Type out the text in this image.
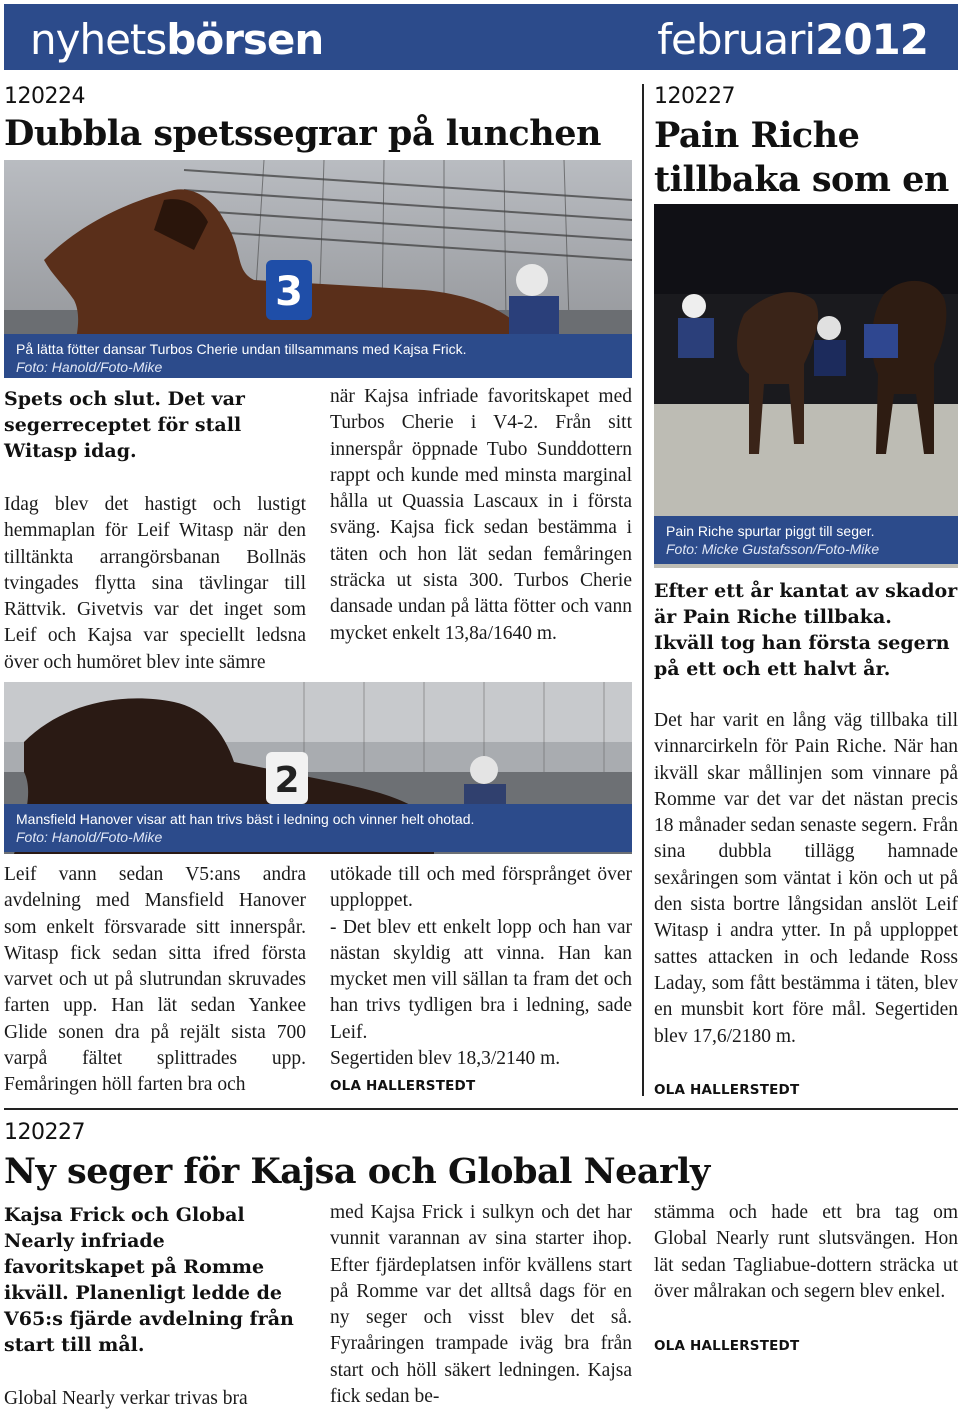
nyhetsbörsen	februari2012
120224
Dubbla spetssegrar på lunchen
3
På lätta fötter dansar Turbos Cherie undan tillsammans med Kajsa Frick.
Foto: Hanold/Foto-Mike
Spets och slut. Det var segerreceptet för stall Witasp idag.

Idag blev det hastigt och lustigt hemmaplan för Leif Witasp när den tilltänkta arrangörsbanan Bollnäs tvingades flytta sina tävlingar till Rättvik. Givetvis var det inget som Leif och Kajsa var speciellt ledsna över och humöret blev inte sämre

när Kajsa infriade favoritskapet med Turbos Cherie i V4-2. Från sitt innerspår öppnade Tubo Sunddottern rappt och kunde med minsta marginal hålla ut Quassia Lascaux in i första sväng. Kajsa fick sedan bestämma i täten och hon lät sedan femåringen sträcka ut sista 300. Turbos Cherie dansade undan på lätta fötter och vann mycket enkelt 13,8a/1640 m.

2
Mansfield Hanover visar att han trivs bäst i ledning och vinner helt ohotad.
Foto: Hanold/Foto-Mike

Leif vann sedan V5:ans andra avdelning med Mansfield Hanover som enkelt försvarade sitt innerspår. Witasp fick sedan sitta ifred första varvet och ut på slutrundan skruvades farten upp. Han lät sedan Yankee Glide sonen dra på rejält sista 700 varpå fältet splittrades upp. Femåringen höll farten bra och

utökade till och med försprånget över upploppet.

- Det blev ett enkelt lopp och han var nästan skyldig att vinna. Han kan mycket men vill sällan ta fram det och han trivs tydligen bra i ledning, sade Leif.

Segertiden blev 18,3/2140 m.

OLA HALLERSTEDT
120227
Pain Riche tillbaka som en
Pain Riche spurtar piggt till seger.
Foto: Micke Gustafsson/Foto-Mike
Efter ett år kantat av skador är Pain Riche tillbaka. Ikväll tog han första segern på ett och ett halvt år.

Det har varit en lång väg tillbaka till vinnarcirkeln för Pain Riche. När han ikväll skar mållinjen som vinnare på Romme var det var det nästan precis 18 månader sedan senaste segern. Från sina dubbla tillägg hamnade sexåringen som väntat i kön och ut på den sista bortre långsidan anslöt Leif Witasp i andra ytter. In på upploppet sattes attacken in och ledande Ross Laday, som fått bestämma i täten, blev en munsbit kort före mål. Segertiden blev 17,6/2180 m.

OLA HALLERSTEDT
120227
Ny seger för Kajsa och Global Nearly
Kajsa Frick och Global Nearly infriade favoritskapet på Romme ikväll. Planenligt ledde de V65:s fjärde avdelning från start till mål.

Global Nearly verkar trivas bra

med Kajsa Frick i sulkyn och det har vunnit varannan av sina starter ihop. Efter fjärdeplatsen inför kvällens start på Romme var det alltså dags för en ny seger och visst blev det så. Fyraåringen trampade iväg bra från start och höll säkert ledningen. Kajsa fick sedan be-

stämma och hade ett bra tag om Global Nearly runt slutsvängen. Hon lät sedan Tagliabue-dottern sträcka ut över målrakan och segern blev enkel.

OLA HALLERSTEDT
